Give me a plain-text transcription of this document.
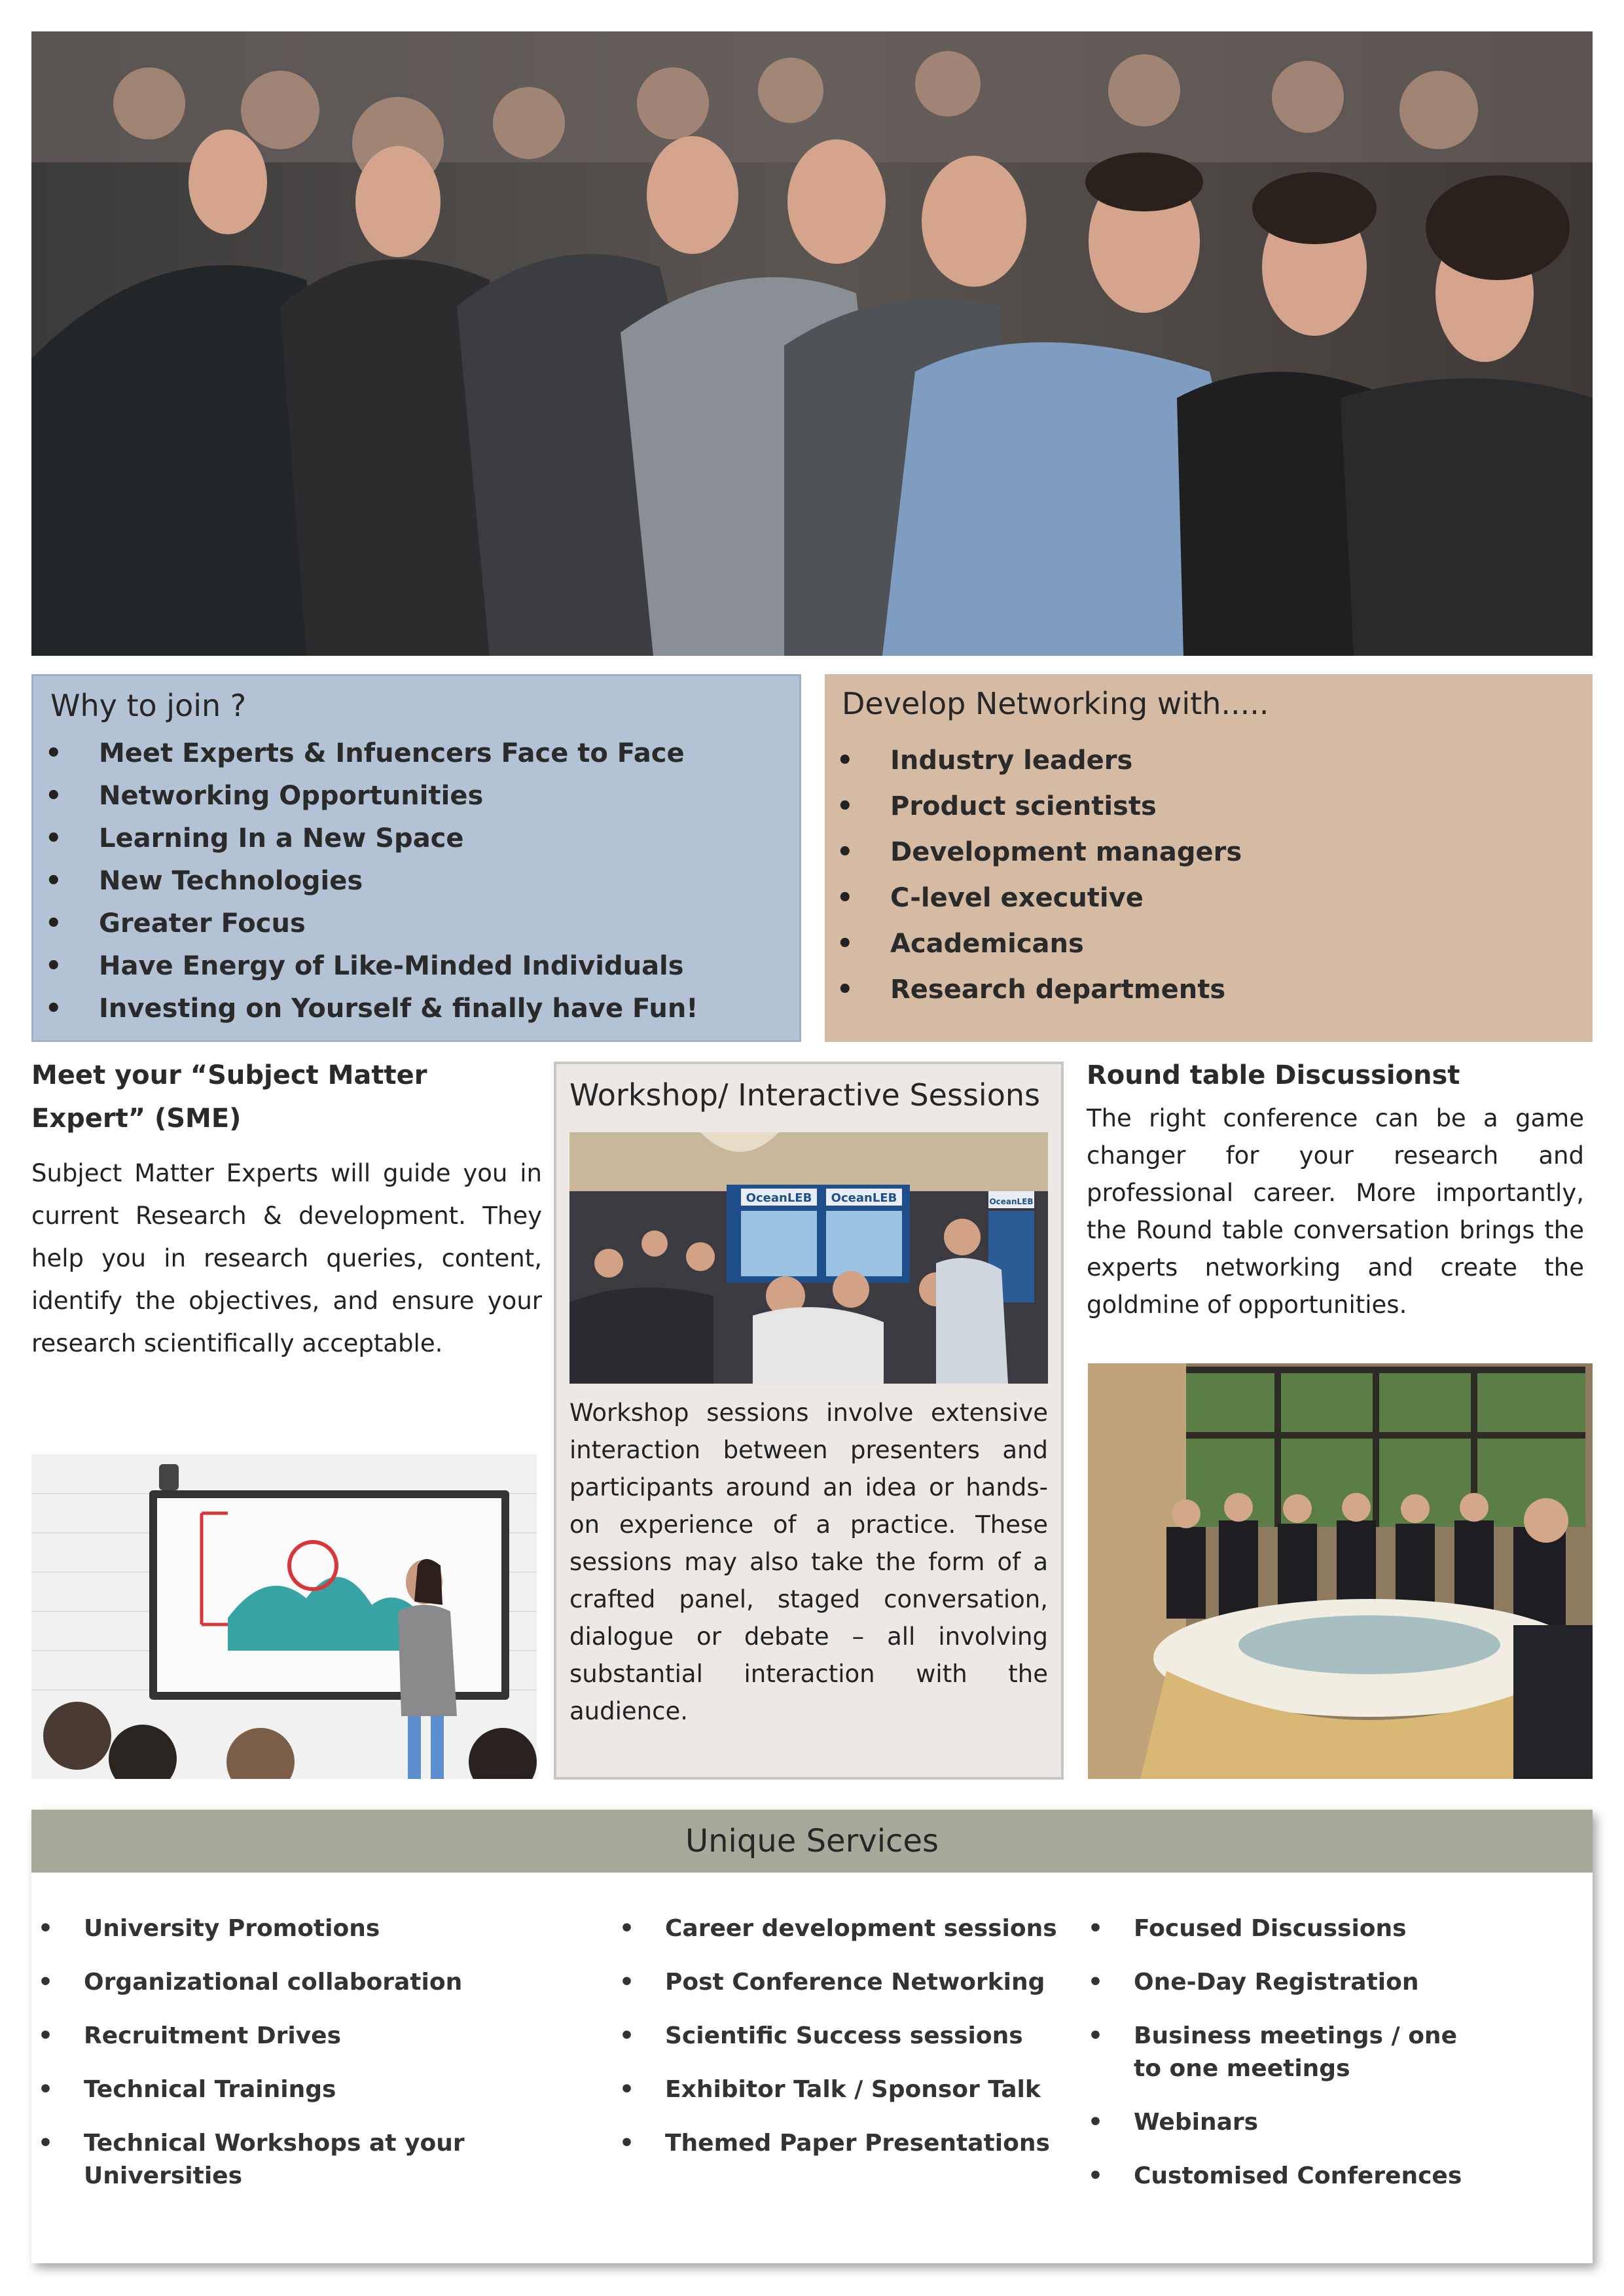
Why to join ?
• Meet Experts & Infuencers Face to Face
• Networking Opportunities
• Learning In a New Space
• New Technologies
• Greater Focus
• Have Energy of Like-Minded Individuals
• Investing on Yourself & finally have Fun!
Develop Networking with.....
• Industry leaders
• Product scientists
• Development managers
• C-level executive
• Academicans
• Research departments
Meet your “Subject Matter Expert” (SME)

Subject Matter Experts will guide you in current Research & development. They help you in research queries, content, identify the objectives, and ensure your research scientifically acceptable.

Workshop/ Interactive Sessions
OceanLEB OceanLEB	OceanLEB

Workshop sessions involve extensive interaction between presenters and participants around an idea or hands-on experience of a practice. These sessions may also take the form of a crafted panel, staged conversation, dialogue or debate – all involving substantial interaction with the audience.

Round table Discussionst

The right conference can be a game changer for your research and professional career. More importantly, the Round table conversation brings the experts networking and create the goldmine of opportunities.

Unique Services
• University Promotions
• Organizational collaboration
• Recruitment Drives
• Technical Trainings
• Technical Workshops at your Universities
• Career development sessions
• Post Conference Networking
• Scientific Success sessions
• Exhibitor Talk / Sponsor Talk
• Themed Paper Presentations
• Focused Discussions
• One-Day Registration
• Business meetings / one to one meetings
• Webinars
• Customised Conferences
